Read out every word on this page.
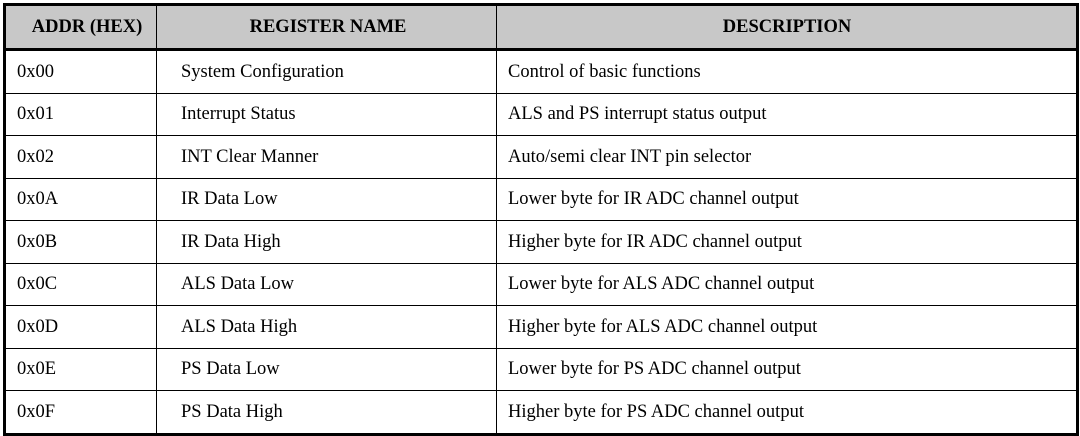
ADDR (HEX)	REGISTER NAME	DESCRIPTION

0x00	System Configuration	Control of basic functions

0x01	Interrupt Status	ALS and PS interrupt status output

0x02	INT Clear Manner	Auto/semi clear INT pin selector

0x0A	IR Data Low	Lower byte for IR ADC channel output

0x0B	IR Data High	Higher byte for IR ADC channel output

0x0C	ALS Data Low	Lower byte for ALS ADC channel output

0x0D	ALS Data High	Higher byte for ALS ADC channel output

0x0E	PS Data Low	Lower byte for PS ADC channel output

0x0F	PS Data High	Higher byte for PS ADC channel output
